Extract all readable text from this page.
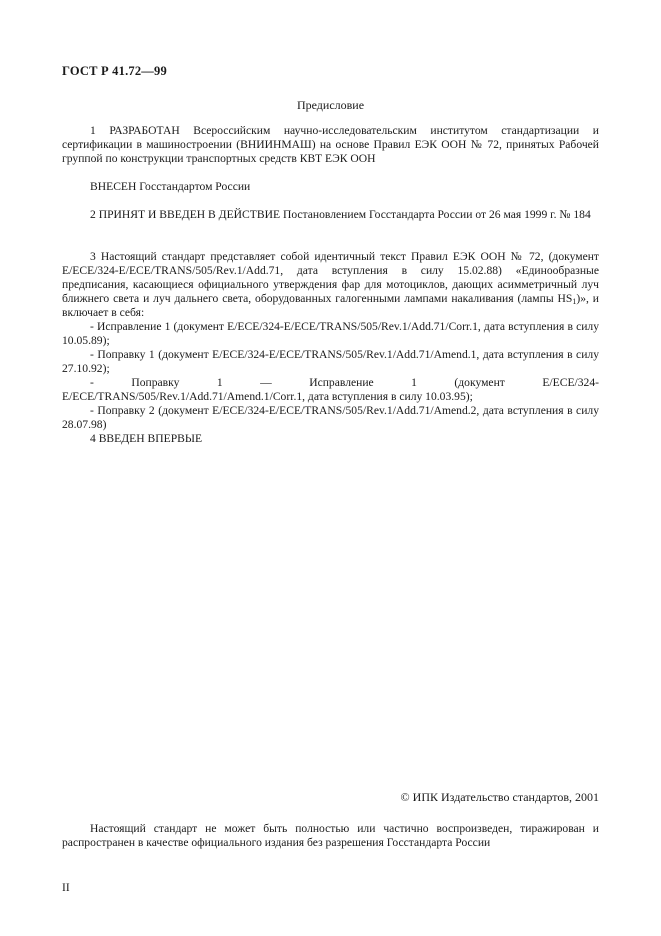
ГОСТ Р 41.72—99
Предисловие

1 РАЗРАБОТАН Всероссийским научно-исследовательским институтом стандартизации и сертификации в машиностроении (ВНИИНМАШ) на основе Правил ЕЭК ООН № 72, принятых Рабочей группой по конструкции транспортных средств КВТ ЕЭК ООН

ВНЕСЕН Госстандартом России

2 ПРИНЯТ И ВВЕДЕН В ДЕЙСТВИЕ Постановлением Госстандарта России от 26 мая 1999 г. № 184

3 Настоящий стандарт представляет собой идентичный текст Правил ЕЭК ООН № 72, (документ E/ECE/324-E/ECE/TRANS/505/Rev.1/Add.71, дата вступления в силу 15.02.88) «Единообразные предписания, касающиеся официального утверждения фар для мотоциклов, дающих асимметричный луч ближнего света и луч дальнего света, оборудованных галогенными лампами накаливания (лампы $HS_1$)», и включает в себя:

- Исправление 1 (документ E/ECE/324-E/ECE/TRANS/505/Rev.1/Add.71/Corr.1, дата вступления в силу 10.05.89);

- Поправку 1 (документ E/ECE/324-E/ECE/TRANS/505/Rev.1/Add.71/Amend.1, дата вступления в силу 27.10.92);

- Поправку 1 — Исправление 1 (документ E/ECE/324-E/ECE/TRANS/505/Rev.1/Add.71/Amend.1/Corr.1, дата вступления в силу 10.03.95);

- Поправку 2 (документ E/ECE/324-E/ECE/TRANS/505/Rev.1/Add.71/Amend.2, дата вступления в силу 28.07.98)

4 ВВЕДЕН ВПЕРВЫЕ

© ИПК Издательство стандартов, 2001

Настоящий стандарт не может быть полностью или частично воспроизведен, тиражирован и распространен в качестве официального издания без разрешения Госстандарта России

II
